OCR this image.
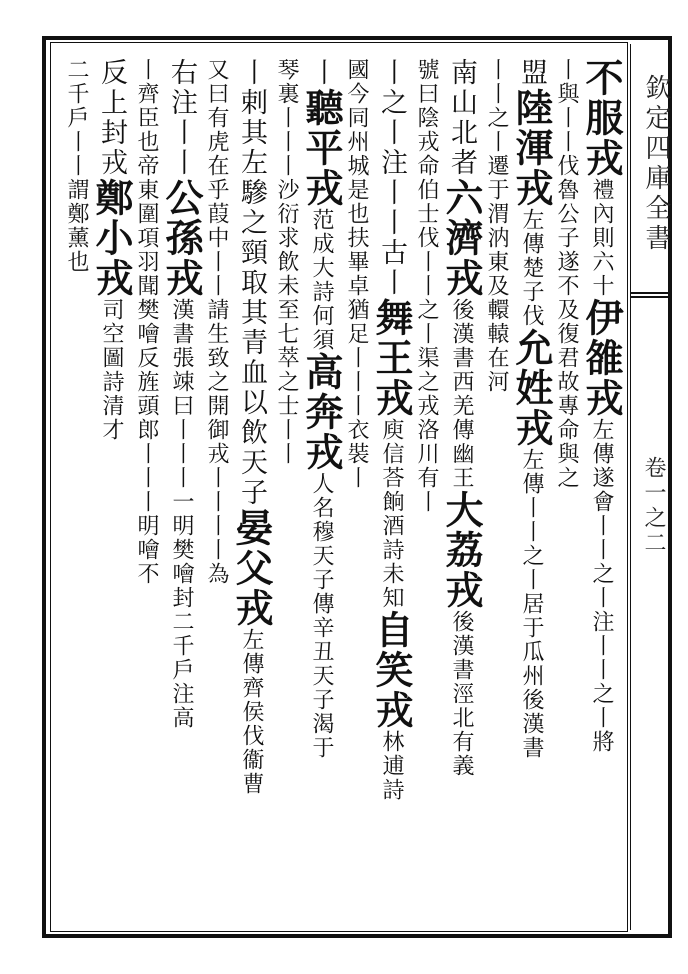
欽定四庫全書
卷一之二
不服戎禮內則六十伊雒戎左傳遂會丨丨之丨注丨丨之丨將
丨與丨丨伐魯公子遂不及復君故專命與之
盟陸渾戎左傳楚子伐允姓戎左傳丨丨之丨居于瓜州後漢書
丨丨之丨遷于渭汭東及轘轅在河
南山北者六濟戎後漢書西羌傳幽王大荔戎後漢書涇北有義
號曰陰戎命伯士伐丨丨之丨渠之戎洛川有丨
丨之丨注丨丨古丨舞王戎庾信荅餉酒詩未知自笑戎林逋詩
國今同州城是也扶畢卓猶足丨丨丨衣裝丨
丨聽平戎范成大詩何須高奔戎人名穆天子傳辛丑天子渴于
琴裏丨丨丨沙衍求飲未至七萃之士丨丨
丨剌其左驂之頸取其青血以飲天子晏父戎左傳齊侯伐衞曹
又曰有虎在乎葭中丨丨請生致之開御戎丨丨丨丨為
右注丨丨公孫戎漢書張竦曰丨丨丨一明樊噲封二千戶注高
丨齊臣也帝東圍項羽聞樊噲反旌頭郎丨丨丨明噲不
反上封戎鄭小戎司空圖詩清才
二千戶丨丨謂鄭薰也
